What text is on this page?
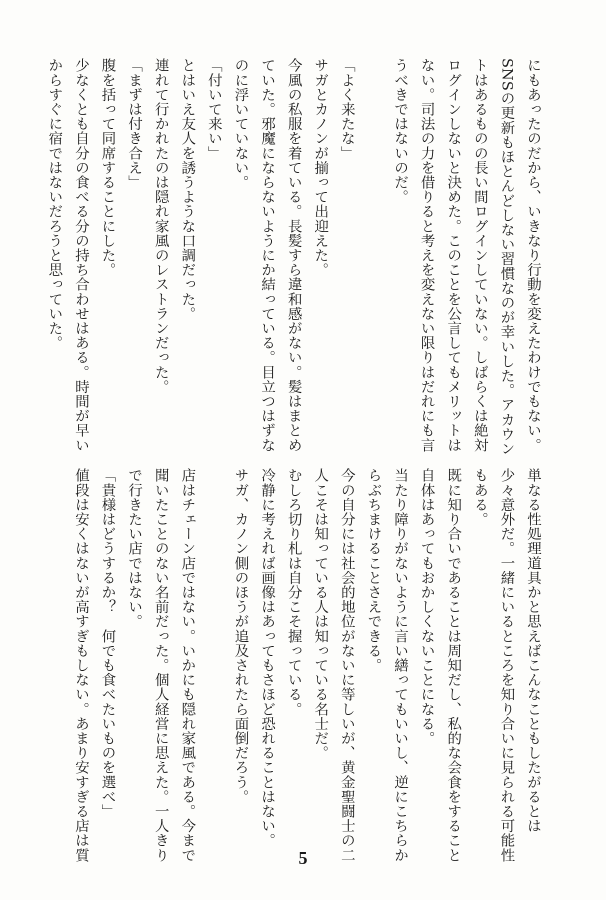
にもあったのだから、いきなり行動を変えたわけでもない。
SNSの更新もほとんどしない習慣なのが幸いした。アカウン
トはあるものの長い間ログインしていない。しばらくは絶対
ログインしないと決めた。このことを公言してもメリットは
ない。司法の力を借りると考えを変えない限りはだれにも言
うべきではないのだ。
「よく来たな」
サガとカノンが揃って出迎えた。
今風の私服を着ている。長髪すら違和感がない。髪はまとめ
ていた。邪魔にならないようにか結っている。目立つはずな
のに浮いていない。
「付いて来い」
とはいえ友人を誘うような口調だった。
連れて行かれたのは隠れ家風のレストランだった。
「まずは付き合え」
腹を括って同席することにした。
少なくとも自分の食べる分の持ち合わせはある。時間が早い
からすぐに宿ではないだろうと思っていた。
単なる性処理道具かと思えばこんなこともしたがるとは
少々意外だ。一緒にいるところを知り合いに見られる可能性
もある。
既に知り合いであることは周知だし、私的な会食をすること
自体はあってもおかしくないことになる。
当たり障りがないように言い繕ってもいいし、逆にこちらか
らぶちまけることさえできる。
今の自分には社会的地位がないに等しいが、黄金聖闘士の二
人こそは知っている人は知っている名士だ。
むしろ切り札は自分こそ握っている。
冷静に考えれば画像はあってもさほど恐れることはない。
サガ、カノン側のほうが追及されたら面倒だろう。
店はチェーン店ではない。いかにも隠れ家風である。今まで
聞いたことのない名前だった。個人経営に思えた。一人きり
で行きたい店ではない。
「貴様はどうするか？　何でも食べたいものを選べ」
値段は安くはないが高すぎもしない。あまり安すぎる店は質	5
